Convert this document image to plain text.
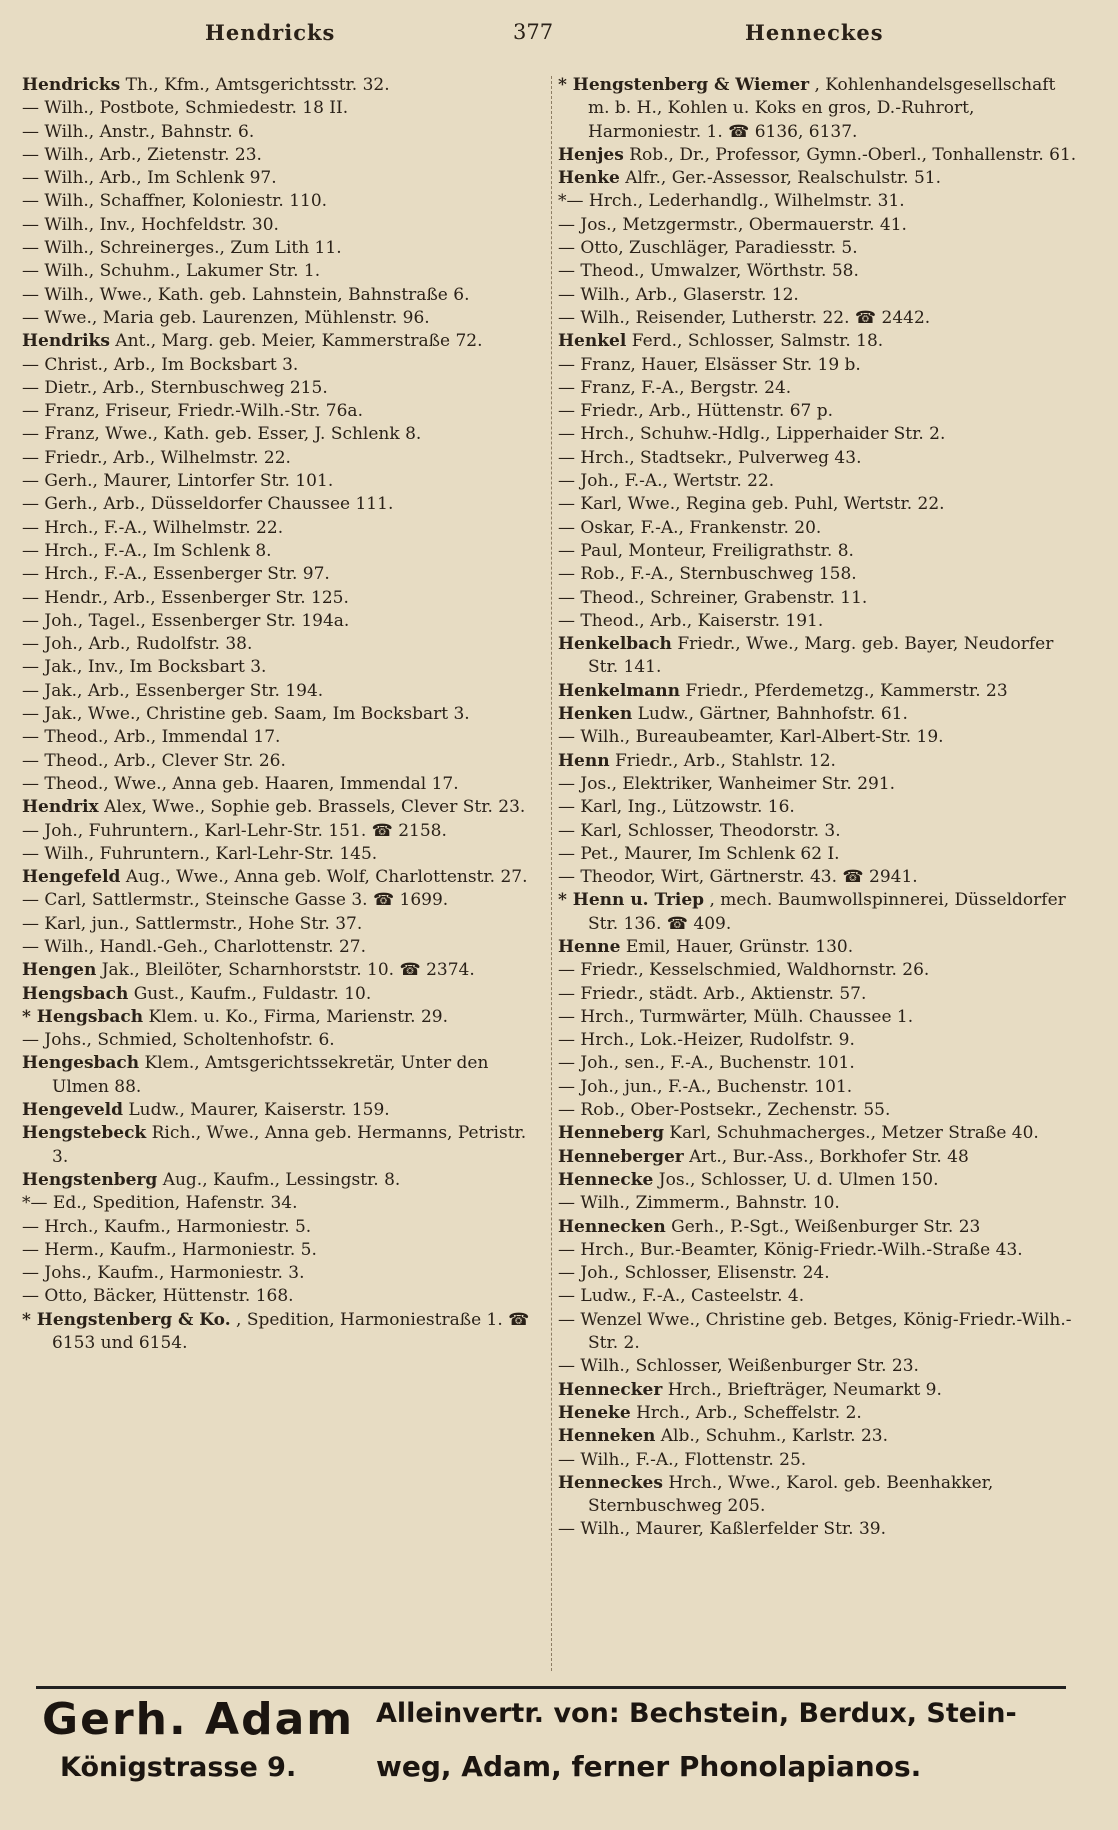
Hendricks	377	Henneckes
Hendricks Th., Kfm., Amtsgerichtsstr. 32.
— Wilh., Postbote, Schmiedestr. 18 II.
— Wilh., Anstr., Bahnstr. 6.
— Wilh., Arb., Zietenstr. 23.
— Wilh., Arb., Im Schlenk 97.
— Wilh., Schaffner, Koloniestr. 110.
— Wilh., Inv., Hochfeldstr. 30.
— Wilh., Schreinerges., Zum Lith 11.
— Wilh., Schuhm., Lakumer Str. 1.
— Wilh., Wwe., Kath. geb. Lahnstein, Bahnstraße 6.
— Wwe., Maria geb. Laurenzen, Mühlenstr. 96.
Hendriks Ant., Marg. geb. Meier, Kammerstraße 72.
— Christ., Arb., Im Bocksbart 3.
— Dietr., Arb., Sternbuschweg 215.
— Franz, Friseur, Friedr.-Wilh.-Str. 76a.
— Franz, Wwe., Kath. geb. Esser, J. Schlenk 8.
— Friedr., Arb., Wilhelmstr. 22.
— Gerh., Maurer, Lintorfer Str. 101.
— Gerh., Arb., Düsseldorfer Chaussee 111.
— Hrch., F.-A., Wilhelmstr. 22.
— Hrch., F.-A., Im Schlenk 8.
— Hrch., F.-A., Essenberger Str. 97.
— Hendr., Arb., Essenberger Str. 125.
— Joh., Tagel., Essenberger Str. 194a.
— Joh., Arb., Rudolfstr. 38.
— Jak., Inv., Im Bocksbart 3.
— Jak., Arb., Essenberger Str. 194.
— Jak., Wwe., Christine geb. Saam, Im Bocksbart 3.
— Theod., Arb., Immendal 17.
— Theod., Arb., Clever Str. 26.
— Theod., Wwe., Anna geb. Haaren, Immendal 17.
Hendrix Alex, Wwe., Sophie geb. Brassels, Clever Str. 23.
— Joh., Fuhruntern., Karl-Lehr-Str. 151. ☎ 2158.
— Wilh., Fuhruntern., Karl-Lehr-Str. 145.
Hengefeld Aug., Wwe., Anna geb. Wolf, Charlottenstr. 27.
— Carl, Sattlermstr., Steinsche Gasse 3. ☎ 1699.
— Karl, jun., Sattlermstr., Hohe Str. 37.
— Wilh., Handl.-Geh., Charlottenstr. 27.
Hengen Jak., Bleilöter, Scharnhorststr. 10. ☎ 2374.
Hengsbach Gust., Kaufm., Fuldastr. 10.
* Hengsbach Klem. u. Ko., Firma, Marienstr. 29.
— Johs., Schmied, Scholtenhofstr. 6.
Hengesbach Klem., Amtsgerichtssekretär, Unter den Ulmen 88.
Hengeveld Ludw., Maurer, Kaiserstr. 159.
Hengstebeck Rich., Wwe., Anna geb. Hermanns, Petristr. 3.
Hengstenberg Aug., Kaufm., Lessingstr. 8.
*— Ed., Spedition, Hafenstr. 34.
— Hrch., Kaufm., Harmoniestr. 5.
— Herm., Kaufm., Harmoniestr. 5.
— Johs., Kaufm., Harmoniestr. 3.
— Otto, Bäcker, Hüttenstr. 168.
* Hengstenberg & Ko. , Spedition, Harmoniestraße 1. ☎ 6153 und 6154.
* Hengstenberg & Wiemer , Kohlenhandelsgesellschaft m. b. H., Kohlen u. Koks en gros, D.-Ruhrort, Harmoniestr. 1. ☎ 6136, 6137.
Henjes Rob., Dr., Professor, Gymn.-Oberl., Tonhallenstr. 61.
Henke Alfr., Ger.-Assessor, Realschulstr. 51.
*— Hrch., Lederhandlg., Wilhelmstr. 31.
— Jos., Metzgermstr., Obermauerstr. 41.
— Otto, Zuschläger, Paradiesstr. 5.
— Theod., Umwalzer, Wörthstr. 58.
— Wilh., Arb., Glaserstr. 12.
— Wilh., Reisender, Lutherstr. 22. ☎ 2442.
Henkel Ferd., Schlosser, Salmstr. 18.
— Franz, Hauer, Elsässer Str. 19 b.
— Franz, F.-A., Bergstr. 24.
— Friedr., Arb., Hüttenstr. 67 p.
— Hrch., Schuhw.-Hdlg., Lipperhaider Str. 2.
— Hrch., Stadtsekr., Pulverweg 43.
— Joh., F.-A., Wertstr. 22.
— Karl, Wwe., Regina geb. Puhl, Wertstr. 22.
— Oskar, F.-A., Frankenstr. 20.
— Paul, Monteur, Freiligrathstr. 8.
— Rob., F.-A., Sternbuschweg 158.
— Theod., Schreiner, Grabenstr. 11.
— Theod., Arb., Kaiserstr. 191.
Henkelbach Friedr., Wwe., Marg. geb. Bayer, Neudorfer Str. 141.
Henkelmann Friedr., Pferdemetzg., Kammerstr. 23
Henken Ludw., Gärtner, Bahnhofstr. 61.
— Wilh., Bureaubeamter, Karl-Albert-Str. 19.
Henn Friedr., Arb., Stahlstr. 12.
— Jos., Elektriker, Wanheimer Str. 291.
— Karl, Ing., Lützowstr. 16.
— Karl, Schlosser, Theodorstr. 3.
— Pet., Maurer, Im Schlenk 62 I.
— Theodor, Wirt, Gärtnerstr. 43. ☎ 2941.
* Henn u. Triep , mech. Baumwollspinnerei, Düsseldorfer Str. 136. ☎ 409.
Henne Emil, Hauer, Grünstr. 130.
— Friedr., Kesselschmied, Waldhornstr. 26.
— Friedr., städt. Arb., Aktienstr. 57.
— Hrch., Turmwärter, Mülh. Chaussee 1.
— Hrch., Lok.-Heizer, Rudolfstr. 9.
— Joh., sen., F.-A., Buchenstr. 101.
— Joh., jun., F.-A., Buchenstr. 101.
— Rob., Ober-Postsekr., Zechenstr. 55.
Henneberg Karl, Schuhmacherges., Metzer Straße 40.
Henneberger Art., Bur.-Ass., Borkhofer Str. 48
Hennecke Jos., Schlosser, U. d. Ulmen 150.
— Wilh., Zimmerm., Bahnstr. 10.
Hennecken Gerh., P.-Sgt., Weißenburger Str. 23
— Hrch., Bur.-Beamter, König-Friedr.-Wilh.-Straße 43.
— Joh., Schlosser, Elisenstr. 24.
— Ludw., F.-A., Casteelstr. 4.
— Wenzel Wwe., Christine geb. Betges, König-Friedr.-Wilh.-Str. 2.
— Wilh., Schlosser, Weißenburger Str. 23.
Hennecker Hrch., Briefträger, Neumarkt 9.
Heneke Hrch., Arb., Scheffelstr. 2.
Henneken Alb., Schuhm., Karlstr. 23.
— Wilh., F.-A., Flottenstr. 25.
Henneckes Hrch., Wwe., Karol. geb. Beenhakker, Sternbuschweg 205.
— Wilh., Maurer, Kaßlerfelder Str. 39.
Gerh. Adam
Königstrasse 9.
Alleinvertr. von: Bechstein, Berdux, Stein-
weg, Adam, ferner Phonolapianos.
